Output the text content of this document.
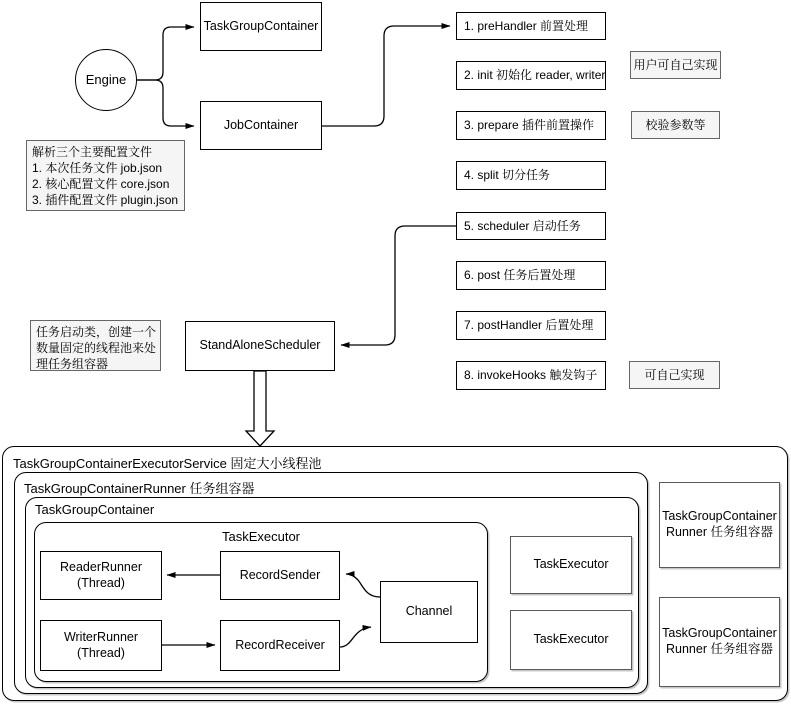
Engine
TaskGroupContainer
JobContainer
解析三个主要配置文件
1. 本次任务文件 job.json
2. 核心配置文件 core.json
3. 插件配置文件 plugin.json
1. preHandler 前置处理
2. init 初始化 reader, writer
3. prepare 插件前置操作
4. split 切分任务
5. scheduler 启动任务
6. post 任务后置处理
7. postHandler 后置处理
8. invokeHooks 触发钩子
用户可自己实现
校验参数等
可自己实现
任务启动类，创建一个
数量固定的线程池来处
理任务组容器
StandAloneScheduler
TaskGroupContainerExecutorService 固定大小线程池
TaskGroupContainerRunner 任务组容器
TaskGroupContainer
TaskExecutor
ReaderRunner
(Thread)
RecordSender
WriterRunner
(Thread)
RecordReceiver
Channel
TaskExecutor
TaskExecutor
TaskGroupContainer
Runner 任务组容器
TaskGroupContainer
Runner 任务组容器
